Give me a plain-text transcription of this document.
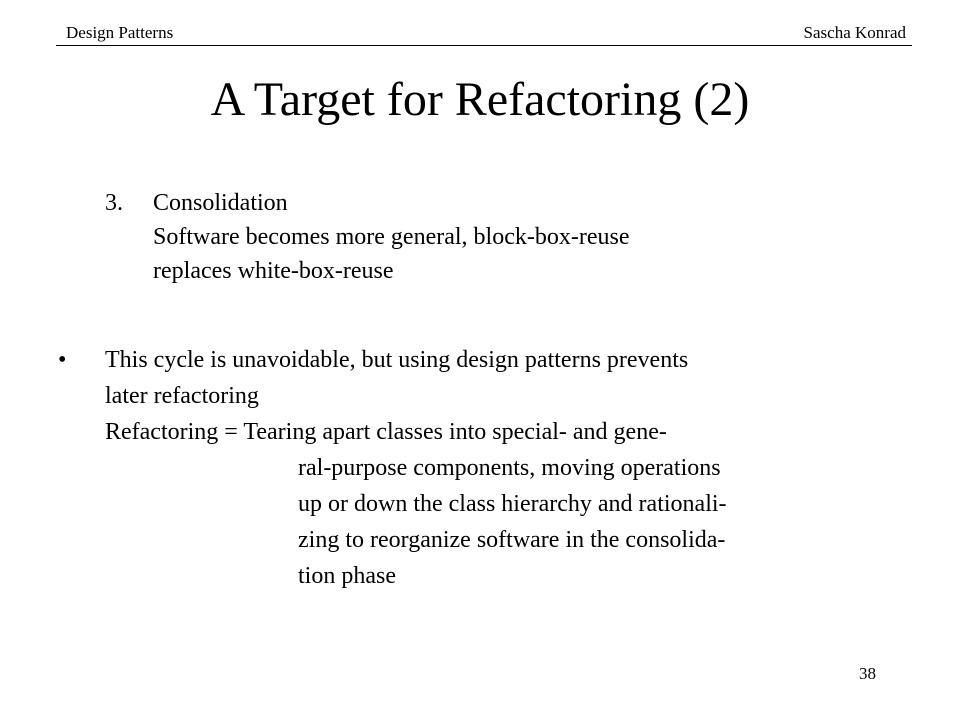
Design Patterns	Sascha Konrad
A Target for Refactoring (2)
3. Consolidation
Software becomes more general, block-box-reuse
replaces white-box-reuse
• This cycle is unavoidable, but using design patterns prevents
later refactoring
Refactoring = Tearing apart classes into special- and gene-
ral-purpose components, moving operations
up or down the class hierarchy and rationali-
zing to reorganize software in the consolida-
tion phase
38
